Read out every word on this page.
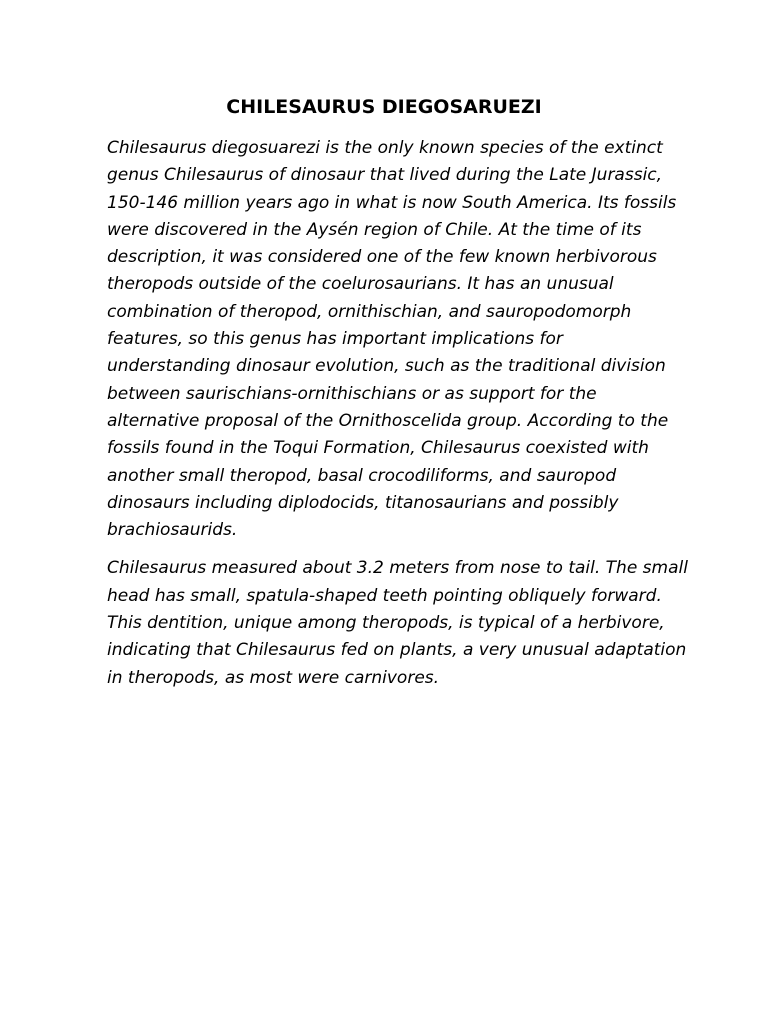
CHILESAURUS DIEGOSARUEZI
Chilesaurus diegosuarezi is the only known species of the extinct
genus Chilesaurus of dinosaur that lived during the Late Jurassic,
150-146 million years ago in what is now South America. Its fossils
were discovered in the Aysén region of Chile. At the time of its
description, it was considered one of the few known herbivorous
theropods outside of the coelurosaurians. It has an unusual
combination of theropod, ornithischian, and sauropodomorph
features, so this genus has important implications for
understanding dinosaur evolution, such as the traditional division
between saurischians-ornithischians or as support for the
alternative proposal of the Ornithoscelida group. According to the
fossils found in the Toqui Formation, Chilesaurus coexisted with
another small theropod, basal crocodiliforms, and sauropod
dinosaurs including diplodocids, titanosaurians and possibly
brachiosaurids.
Chilesaurus measured about 3.2 meters from nose to tail. The small
head has small, spatula-shaped teeth pointing obliquely forward.
This dentition, unique among theropods, is typical of a herbivore,
indicating that Chilesaurus fed on plants, a very unusual adaptation
in theropods, as most were carnivores.
